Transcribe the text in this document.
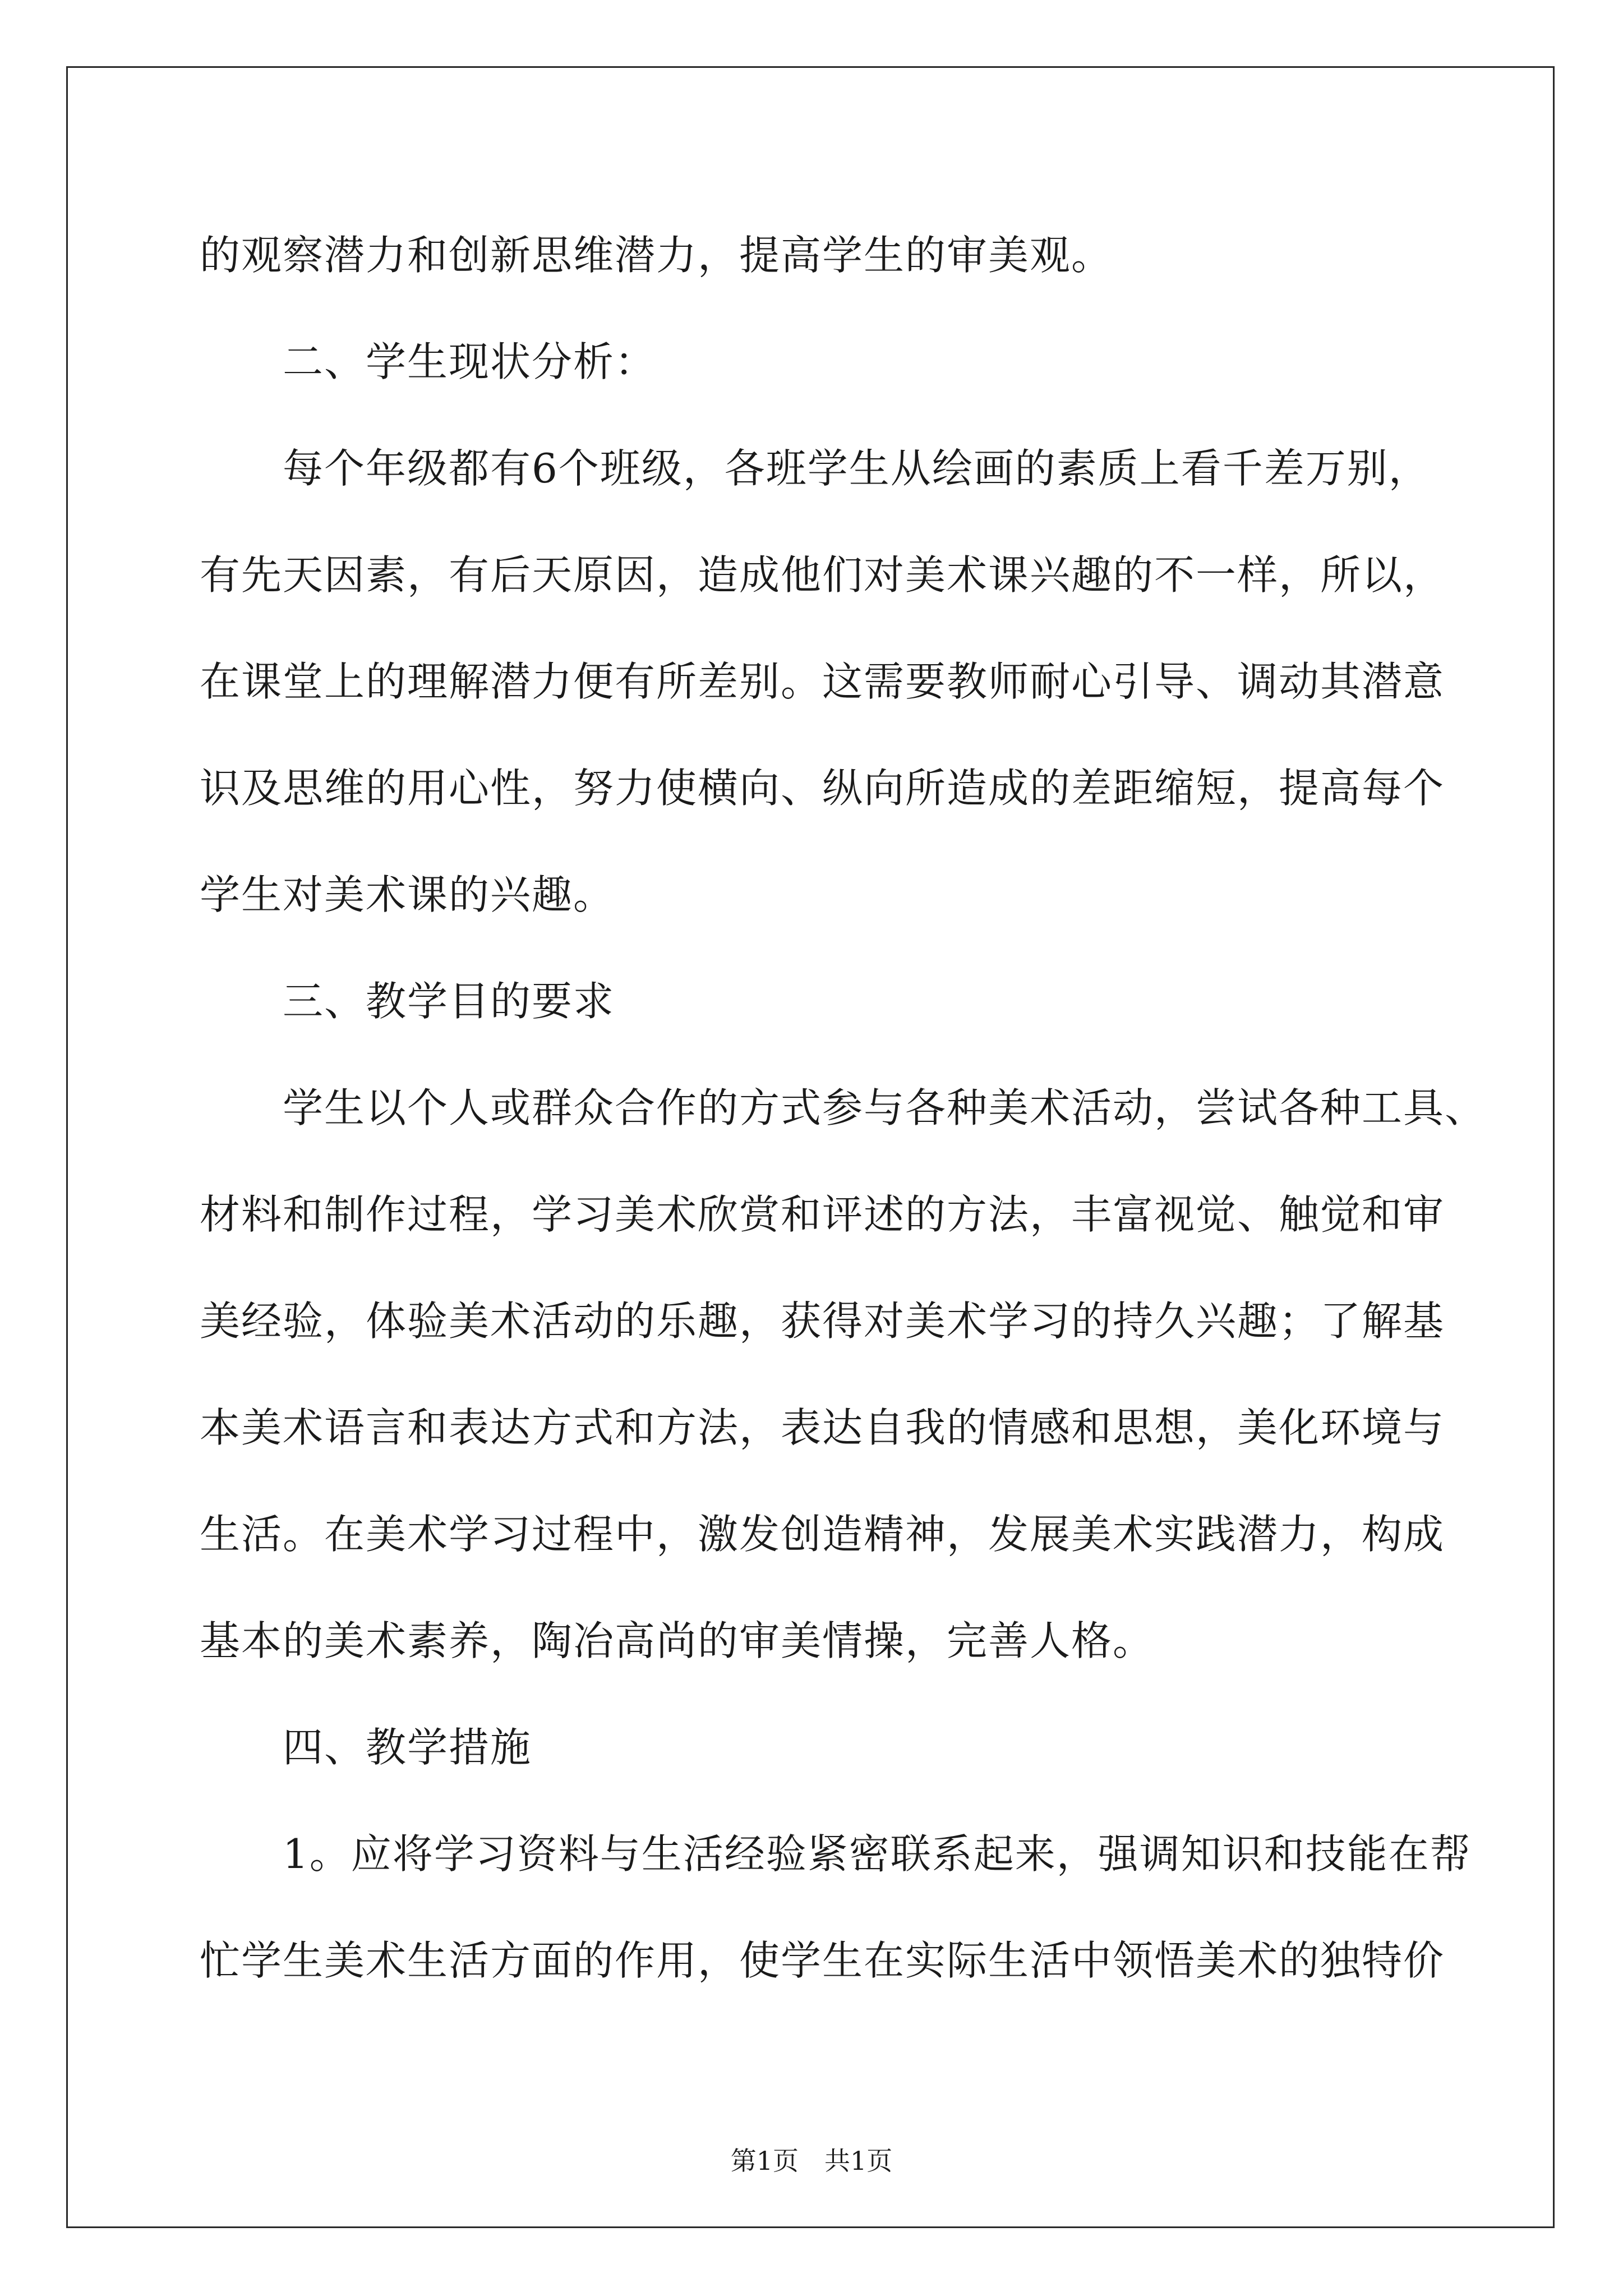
的观察潜力和创新思维潜力，提高学生的审美观。
二、学生现状分析：
每个年级都有6个班级，各班学生从绘画的素质上看千差万别，
有先天因素，有后天原因，造成他们对美术课兴趣的不一样，所以，
在课堂上的理解潜力便有所差别。这需要教师耐心引导、调动其潜意
识及思维的用心性，努力使横向、纵向所造成的差距缩短，提高每个
学生对美术课的兴趣。
三、教学目的要求
学生以个人或群众合作的方式参与各种美术活动，尝试各种工具、
材料和制作过程，学习美术欣赏和评述的方法，丰富视觉、触觉和审
美经验，体验美术活动的乐趣，获得对美术学习的持久兴趣；了解基
本美术语言和表达方式和方法，表达自我的情感和思想，美化环境与
生活。在美术学习过程中，激发创造精神，发展美术实践潜力，构成
基本的美术素养，陶冶高尚的审美情操，完善人格。
四、教学措施
1。应将学习资料与生活经验紧密联系起来，强调知识和技能在帮
忙学生美术生活方面的作用，使学生在实际生活中领悟美术的独特价
第1页　共1页
